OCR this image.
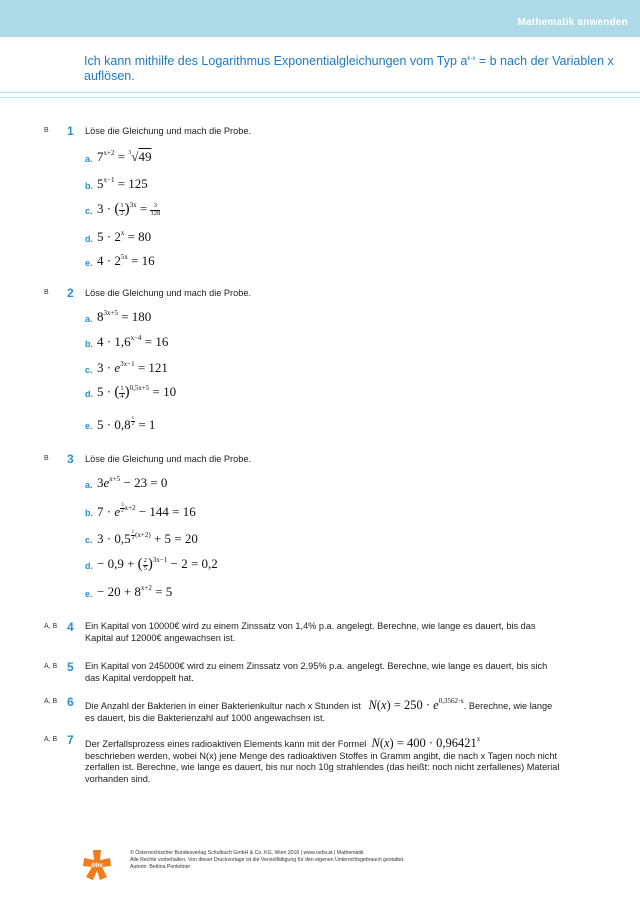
Mathematik anwenden
Ich kann mithilfe des Logarithmus Exponentialgleichungen vom Typ $a^{k\cdot x} = b$ nach der Variablen x auflösen.
B 1 Löse die Gleichung und mach die Probe.
a. $7^{x+2} = ^3√49$
b. $5^{x-1} = 125$
c. 3 · ( $\frac{1}{2} )^{3x} = \frac{3}{128}$
d. $5 \cdot 2^x = 80$
e. $4 \cdot 2^{5x} = 16$
B 2 Löse die Gleichung und mach die Probe.
a. $8^{3x+5} = 180$
b. $4 \cdot 1,6^{x-4} = 16$
c. $3 \cdot e^{3x-1} = 121$
d. 5 · ( $\frac{1}{4} )^{0,5x+5} = 10$
e. 5 · 0,8 $^{\frac{x}{2}}$ = 1
B 3 Löse die Gleichung und mach die Probe.
a. $3e^{x+5} - 23 = 0$
b. 7 · e $^{\frac{3}{2} x+2}$ − 144 = 16
c. 3 · 0,5 $^{\frac{1}{3} (x+2)}$ + 5 = 20
d. − 0,9 + ( $\frac{2}{5} )^{3x-1} - 2 = 0,2$
e. − $20 + 8^{x+2} = 5$
A, B 4 Ein Kapital von 10000€ wird zu einem Zinssatz von 1,4% p.a. angelegt. Berechne, wie lange es dauert, bis das Kapital auf 12000€ angewachsen ist.
A, B 5 Ein Kapital von 245000€ wird zu einem Zinssatz von 2,95% p.a. angelegt. Berechne, wie lange es dauert, bis sich das Kapital verdoppelt hat.
A, B 6 Die Anzahl der Bakterien in einer Bakterienkultur nach x Stunden ist $N(x) = 250 \cdot e^{0,3562\cdot x}$. Berechne, wie lange es dauert, bis die Bakterienzahl auf 1000 angewachsen ist.
A, B 7 Der Zerfallsprozess eines radioaktiven Elements kann mit der Formel $N(x) = 400 \cdot 0,96421^x$
beschrieben werden, wobei N(x) jene Menge des radioaktiven Stoffes in Gramm angibt, die nach x Tagen noch nicht zerfallen ist. Berechne, wie lange es dauert, bis nur noch 10g strahlendes (das heißt: noch nicht zerfallenes) Material vorhanden sind.
öbv
© Österreichischer Bundesverlag Schulbuch GmbH & Co. KG, Wien 2016 | www.oebv.at | Mathematik
Alle Rechte vorbehalten. Von dieser Druckvorlage ist die Vervielfältigung für den eigenen Unterrichtsgebrauch gestattet.
Autorin: Bettina Ponleitner
